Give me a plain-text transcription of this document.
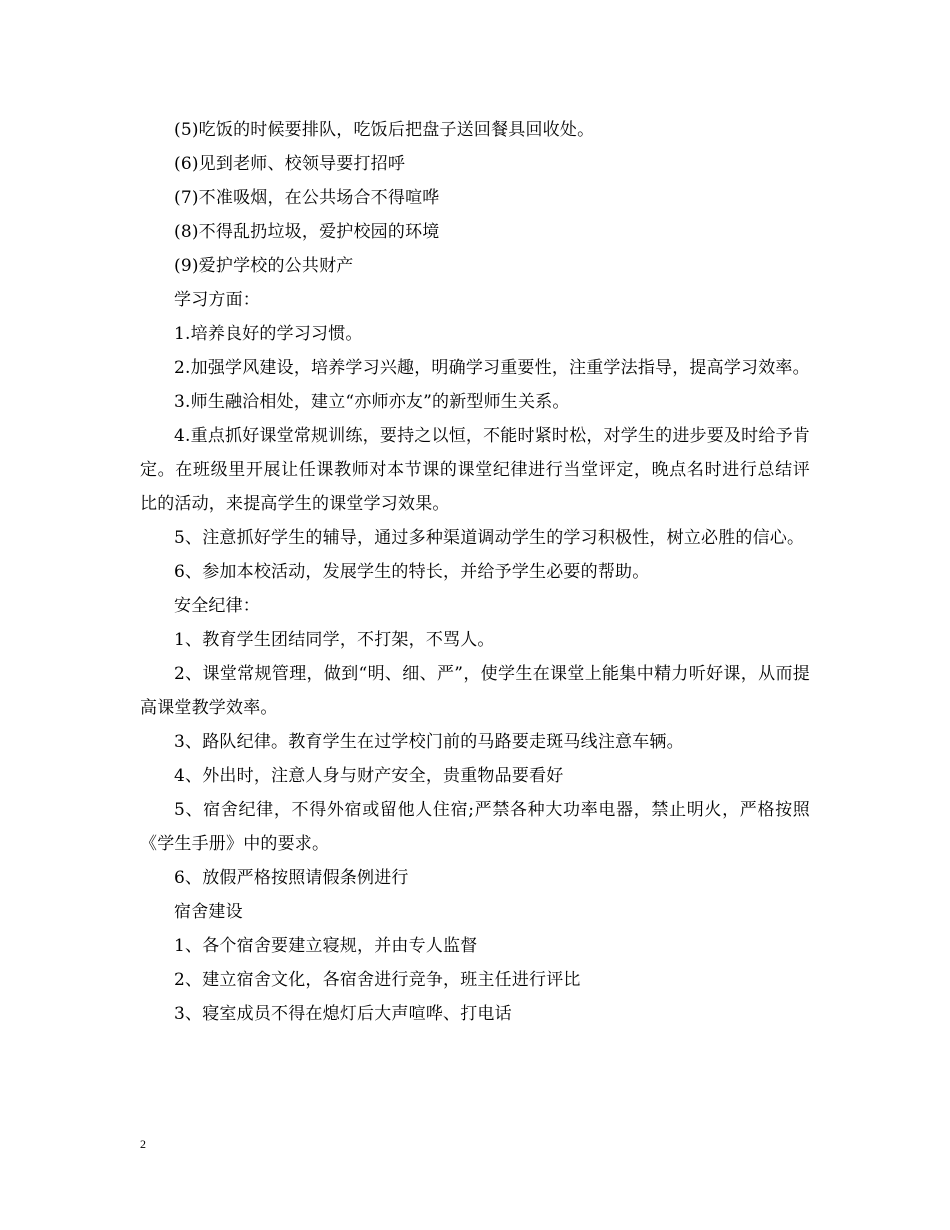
(5)吃饭的时候要排队，吃饭后把盘子送回餐具回收处。

(6)见到老师、校领导要打招呼

(7)不准吸烟，在公共场合不得喧哗

(8)不得乱扔垃圾，爱护校园的环境

(9)爱护学校的公共财产

学习方面：

1.培养良好的学习习惯。

2.加强学风建设，培养学习兴趣，明确学习重要性，注重学法指导，提高学习效率。

3.师生融洽相处，建立“亦师亦友”的新型师生关系。

4.重点抓好课堂常规训练，要持之以恒，不能时紧时松，对学生的进步要及时给予肯定。在班级里开展让任课教师对本节课的课堂纪律进行当堂评定，晚点名时进行总结评比的活动，来提高学生的课堂学习效果。

5、注意抓好学生的辅导，通过多种渠道调动学生的学习积极性，树立必胜的信心。

6、参加本校活动，发展学生的特长，并给予学生必要的帮助。

安全纪律：

1、教育学生团结同学，不打架，不骂人。

2、课堂常规管理，做到“明、细、严”，使学生在课堂上能集中精力听好课，从而提高课堂教学效率。

3、路队纪律。教育学生在过学校门前的马路要走斑马线注意车辆。

4、外出时，注意人身与财产安全，贵重物品要看好

5、宿舍纪律，不得外宿或留他人住宿;严禁各种大功率电器，禁止明火，严格按照《学生手册》中的要求。

6、放假严格按照请假条例进行

宿舍建设

1、各个宿舍要建立寝规，并由专人监督

2、建立宿舍文化，各宿舍进行竞争，班主任进行评比

3、寝室成员不得在熄灯后大声喧哗、打电话

2
